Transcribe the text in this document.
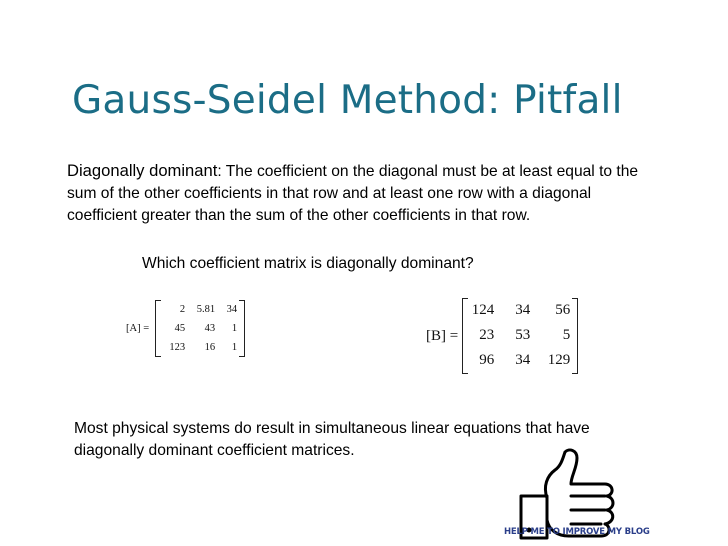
Gauss-Seidel Method: Pitfall

Diagonally dominant: The coefficient on the diagonal must be at least equal to the sum of the other coefficients in that row and at least one row with a diagonal coefficient greater than the sum of the other coefficients in that row.

Which coefficient matrix is diagonally dominant?

[A] =
2 5.81 34
45 43 1
123 16 1
[B] =
124 34 56
23 53 5
96 34 129

Most physical systems do result in simultaneous linear equations that have diagonally dominant coefficient matrices.

HELP ME TO IMPROVE MY BLOG
